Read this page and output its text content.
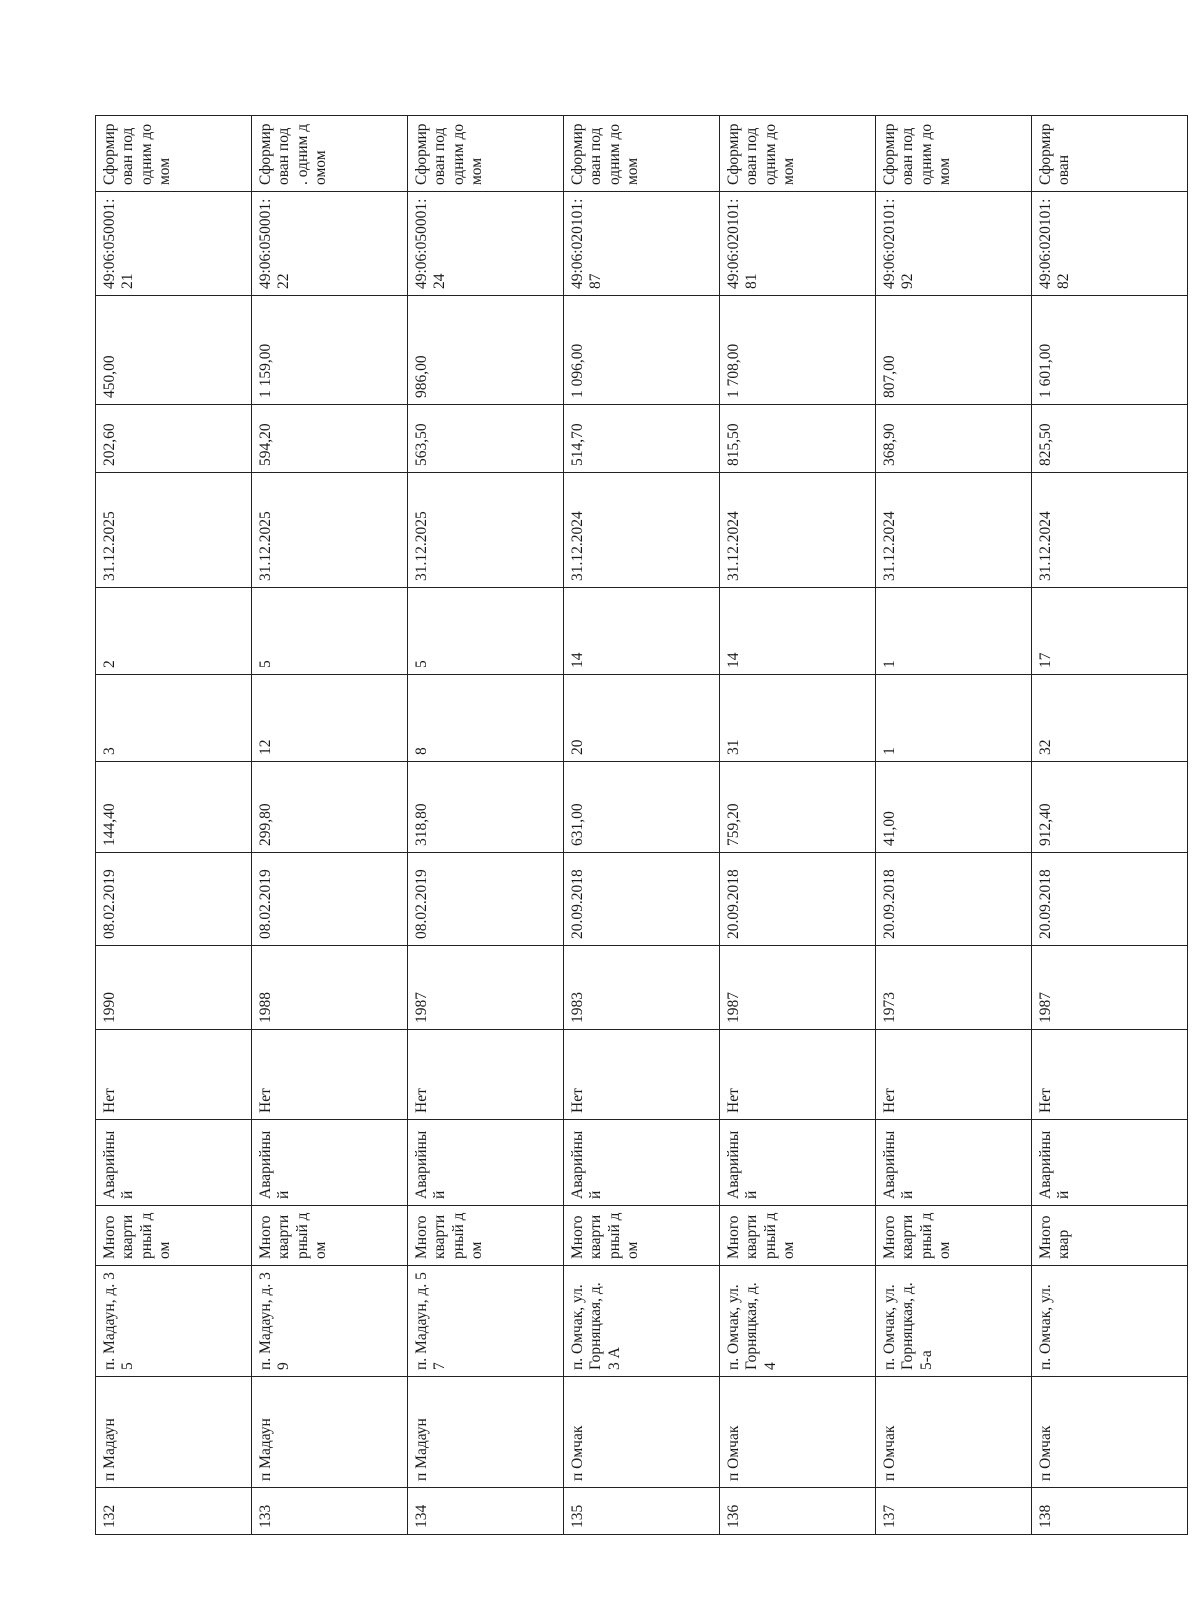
132	п Мадаун	п. Мадаун, д. 35	Многоквартирный дом	Аварийный	Нет	1990	08.02.2019	144,40	3	2	31.12.2025	202,60	450,00	49:06:050001:21	Сформирован под одним домом
133	п Мадаун	п. Мадаун, д. 39	Многоквартирный дом	Аварийный	Нет	1988	08.02.2019	299,80	12	5	31.12.2025	594,20	1 159,00	49:06:050001:22	Сформирован под . одним домом
134	п Мадаун	п. Мадаун, д. 57	Многоквартирный дом	Аварийный	Нет	1987	08.02.2019	318,80	8	5	31.12.2025	563,50	986,00	49:06:050001:24	Сформирован под одним домом
135	п Омчак	п. Омчак, ул. Горняцкая, д. 3 А	Многоквартирный дом	Аварийный	Нет	1983	20.09.2018	631,00	20	14	31.12.2024	514,70	1 096,00	49:06:020101:87	Сформирован под одним домом
136	п Омчак	п. Омчак, ул. Горняцкая, д. 4	Многоквартирный дом	Аварийный	Нет	1987	20.09.2018	759,20	31	14	31.12.2024	815,50	1 708,00	49:06:020101:81	Сформирован под одним домом
137	п Омчак	п. Омчак, ул. Горняцкая, д. 5-а	Многоквартирный дом	Аварийный	Нет	1973	20.09.2018	41,00	1	1	31.12.2024	368,90	807,00	49:06:020101:92	Сформирован под одним домом
138	п Омчак	п. Омчак, ул.	Многоквар	Аварийный	Нет	1987	20.09.2018	912,40	32	17	31.12.2024	825,50	1 601,00	49:06:020101:82	Сформирован
